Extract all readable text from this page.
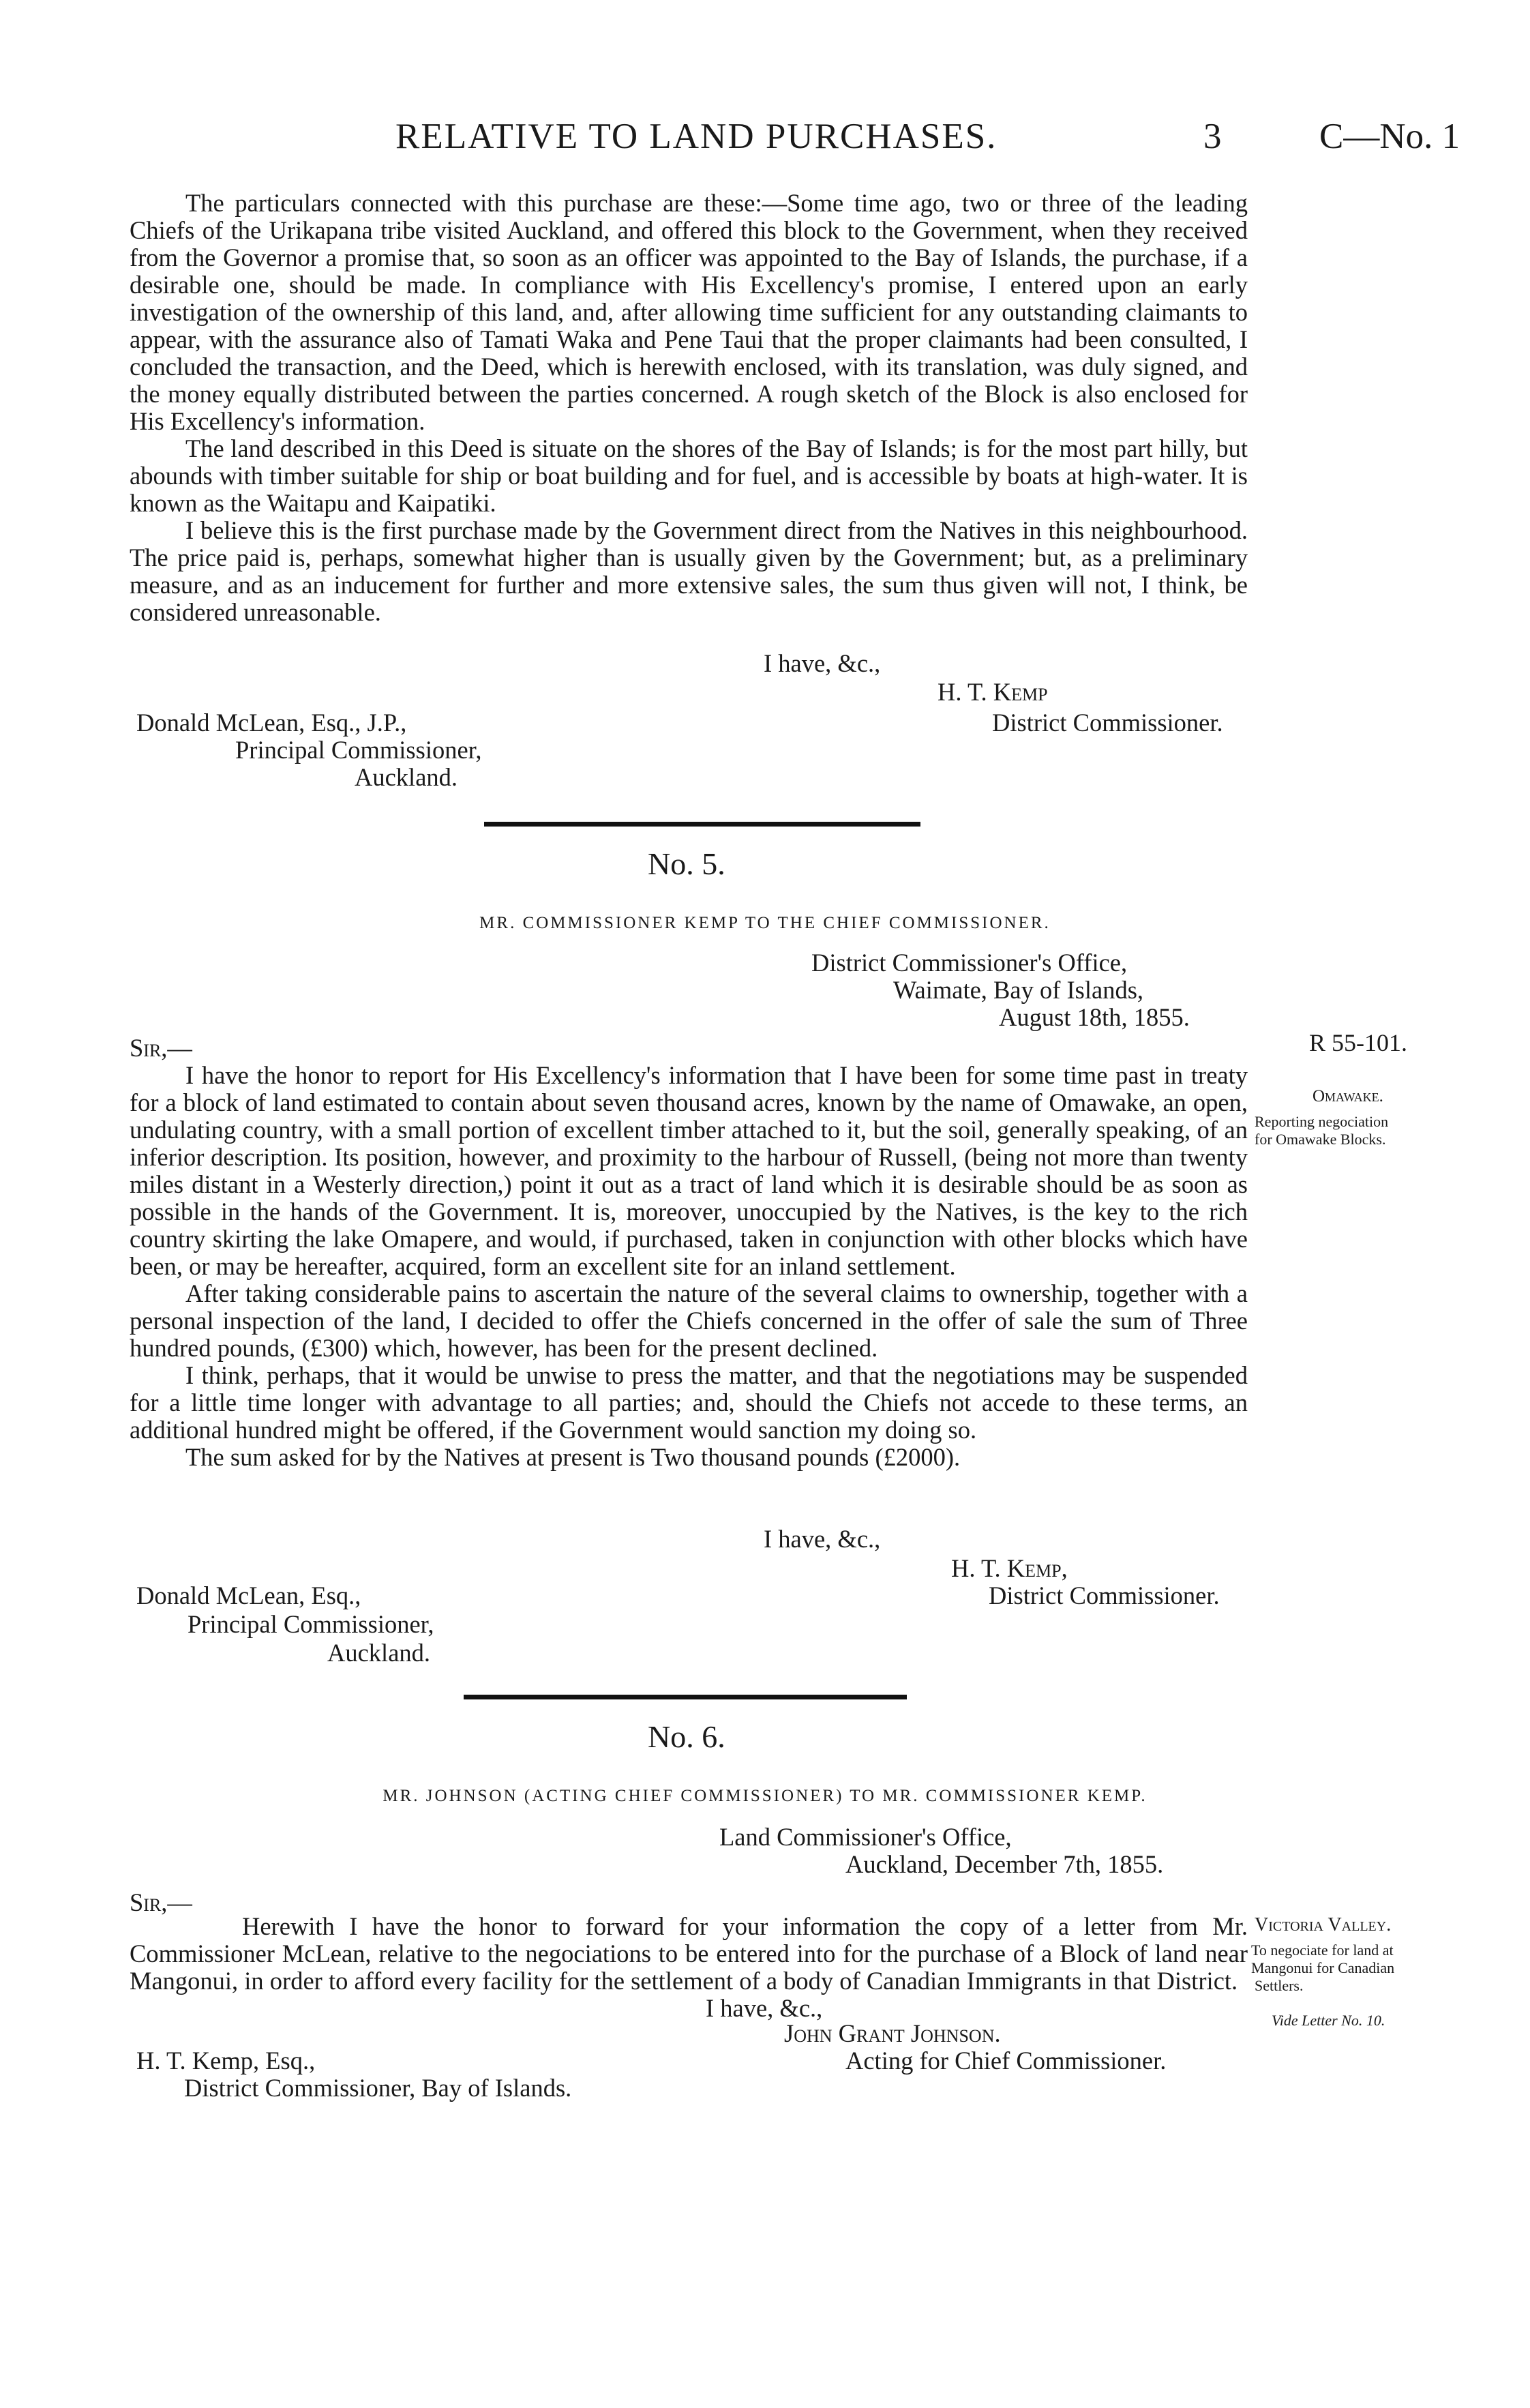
RELATIVE TO LAND PURCHASES.	3	C—No. 1

The particulars connected with this purchase are these:—Some time ago, two or three of the leading Chiefs of the Urikapana tribe visited Auckland, and offered this block to the Government, when they received from the Governor a promise that, so soon as an officer was appointed to the Bay of Islands, the purchase, if a desirable one, should be made. In compliance with His Excellency's promise, I entered upon an early investigation of the ownership of this land, and, after allowing time sufficient for any outstanding claimants to appear, with the assurance also of Tamati Waka and Pene Taui that the proper claimants had been consulted, I concluded the transaction, and the Deed, which is herewith enclosed, with its translation, was duly signed, and the money equally distributed between the parties concerned. A rough sketch of the Block is also enclosed for His Excellency's information.

The land described in this Deed is situate on the shores of the Bay of Islands; is for the most part hilly, but abounds with timber suitable for ship or boat building and for fuel, and is accessible by boats at high-water. It is known as the Waitapu and Kaipatiki.

I believe this is the first purchase made by the Government direct from the Natives in this neighbourhood. The price paid is, perhaps, somewhat higher than is usually given by the Government; but, as a preliminary measure, and as an inducement for further and more extensive sales, the sum thus given will not, I think, be considered unreasonable.

I have, &c.,
H. T. Kemp
District Commissioner.
Donald McLean, Esq., J.P.,
Principal Commissioner,
Auckland.
No. 5.
MR. COMMISSIONER KEMP TO THE CHIEF COMMISSIONER.
District Commissioner's Office,
Waimate, Bay of Islands,
August 18th, 1855.
Sir,—

I have the honor to report for His Excellency's information that I have been for some time past in treaty for a block of land estimated to contain about seven thousand acres, known by the name of Omawake, an open, undulating country, with a small portion of excellent timber attached to it, but the soil, generally speaking, of an inferior description. Its position, however, and proximity to the harbour of Russell, (being not more than twenty miles distant in a Westerly direction,) point it out as a tract of land which it is desirable should be as soon as possible in the hands of the Government. It is, moreover, unoccupied by the Natives, is the key to the rich country skirting the lake Omapere, and would, if purchased, taken in conjunction with other blocks which have been, or may be hereafter, acquired, form an excellent site for an inland settlement.

After taking considerable pains to ascertain the nature of the several claims to ownership, together with a personal inspection of the land, I decided to offer the Chiefs concerned in the offer of sale the sum of Three hundred pounds, (£300) which, however, has been for the present declined.

I think, perhaps, that it would be unwise to press the matter, and that the negotiations may be suspended for a little time longer with advantage to all parties; and, should the Chiefs not accede to these terms, an additional hundred might be offered, if the Government would sanction my doing so.

The sum asked for by the Natives at present is Two thousand pounds (£2000).

R 55-101.
Omawake.
Reporting negociation
for Omawake Blocks.
I have, &c.,
H. T. Kemp,
District Commissioner.
Donald McLean, Esq.,
Principal Commissioner,
Auckland.
No. 6.
MR. JOHNSON (ACTING CHIEF COMMISSIONER) TO MR. COMMISSIONER KEMP.
Land Commissioner's Office,
Auckland, December 7th, 1855.
Sir,—

Herewith I have the honor to forward for your information the copy of a letter from Mr. Commissioner McLean, relative to the negociations to be entered into for the purchase of a Block of land near Mangonui, in order to afford every facility for the settlement of a body of Canadian Immigrants in that District.

Victoria Valley.
To negociate for land at
Mangonui for Canadian
Settlers.
Vide Letter No. 10.
I have, &c.,
John Grant Johnson.
Acting for Chief Commissioner.
H. T. Kemp, Esq.,
District Commissioner, Bay of Islands.
